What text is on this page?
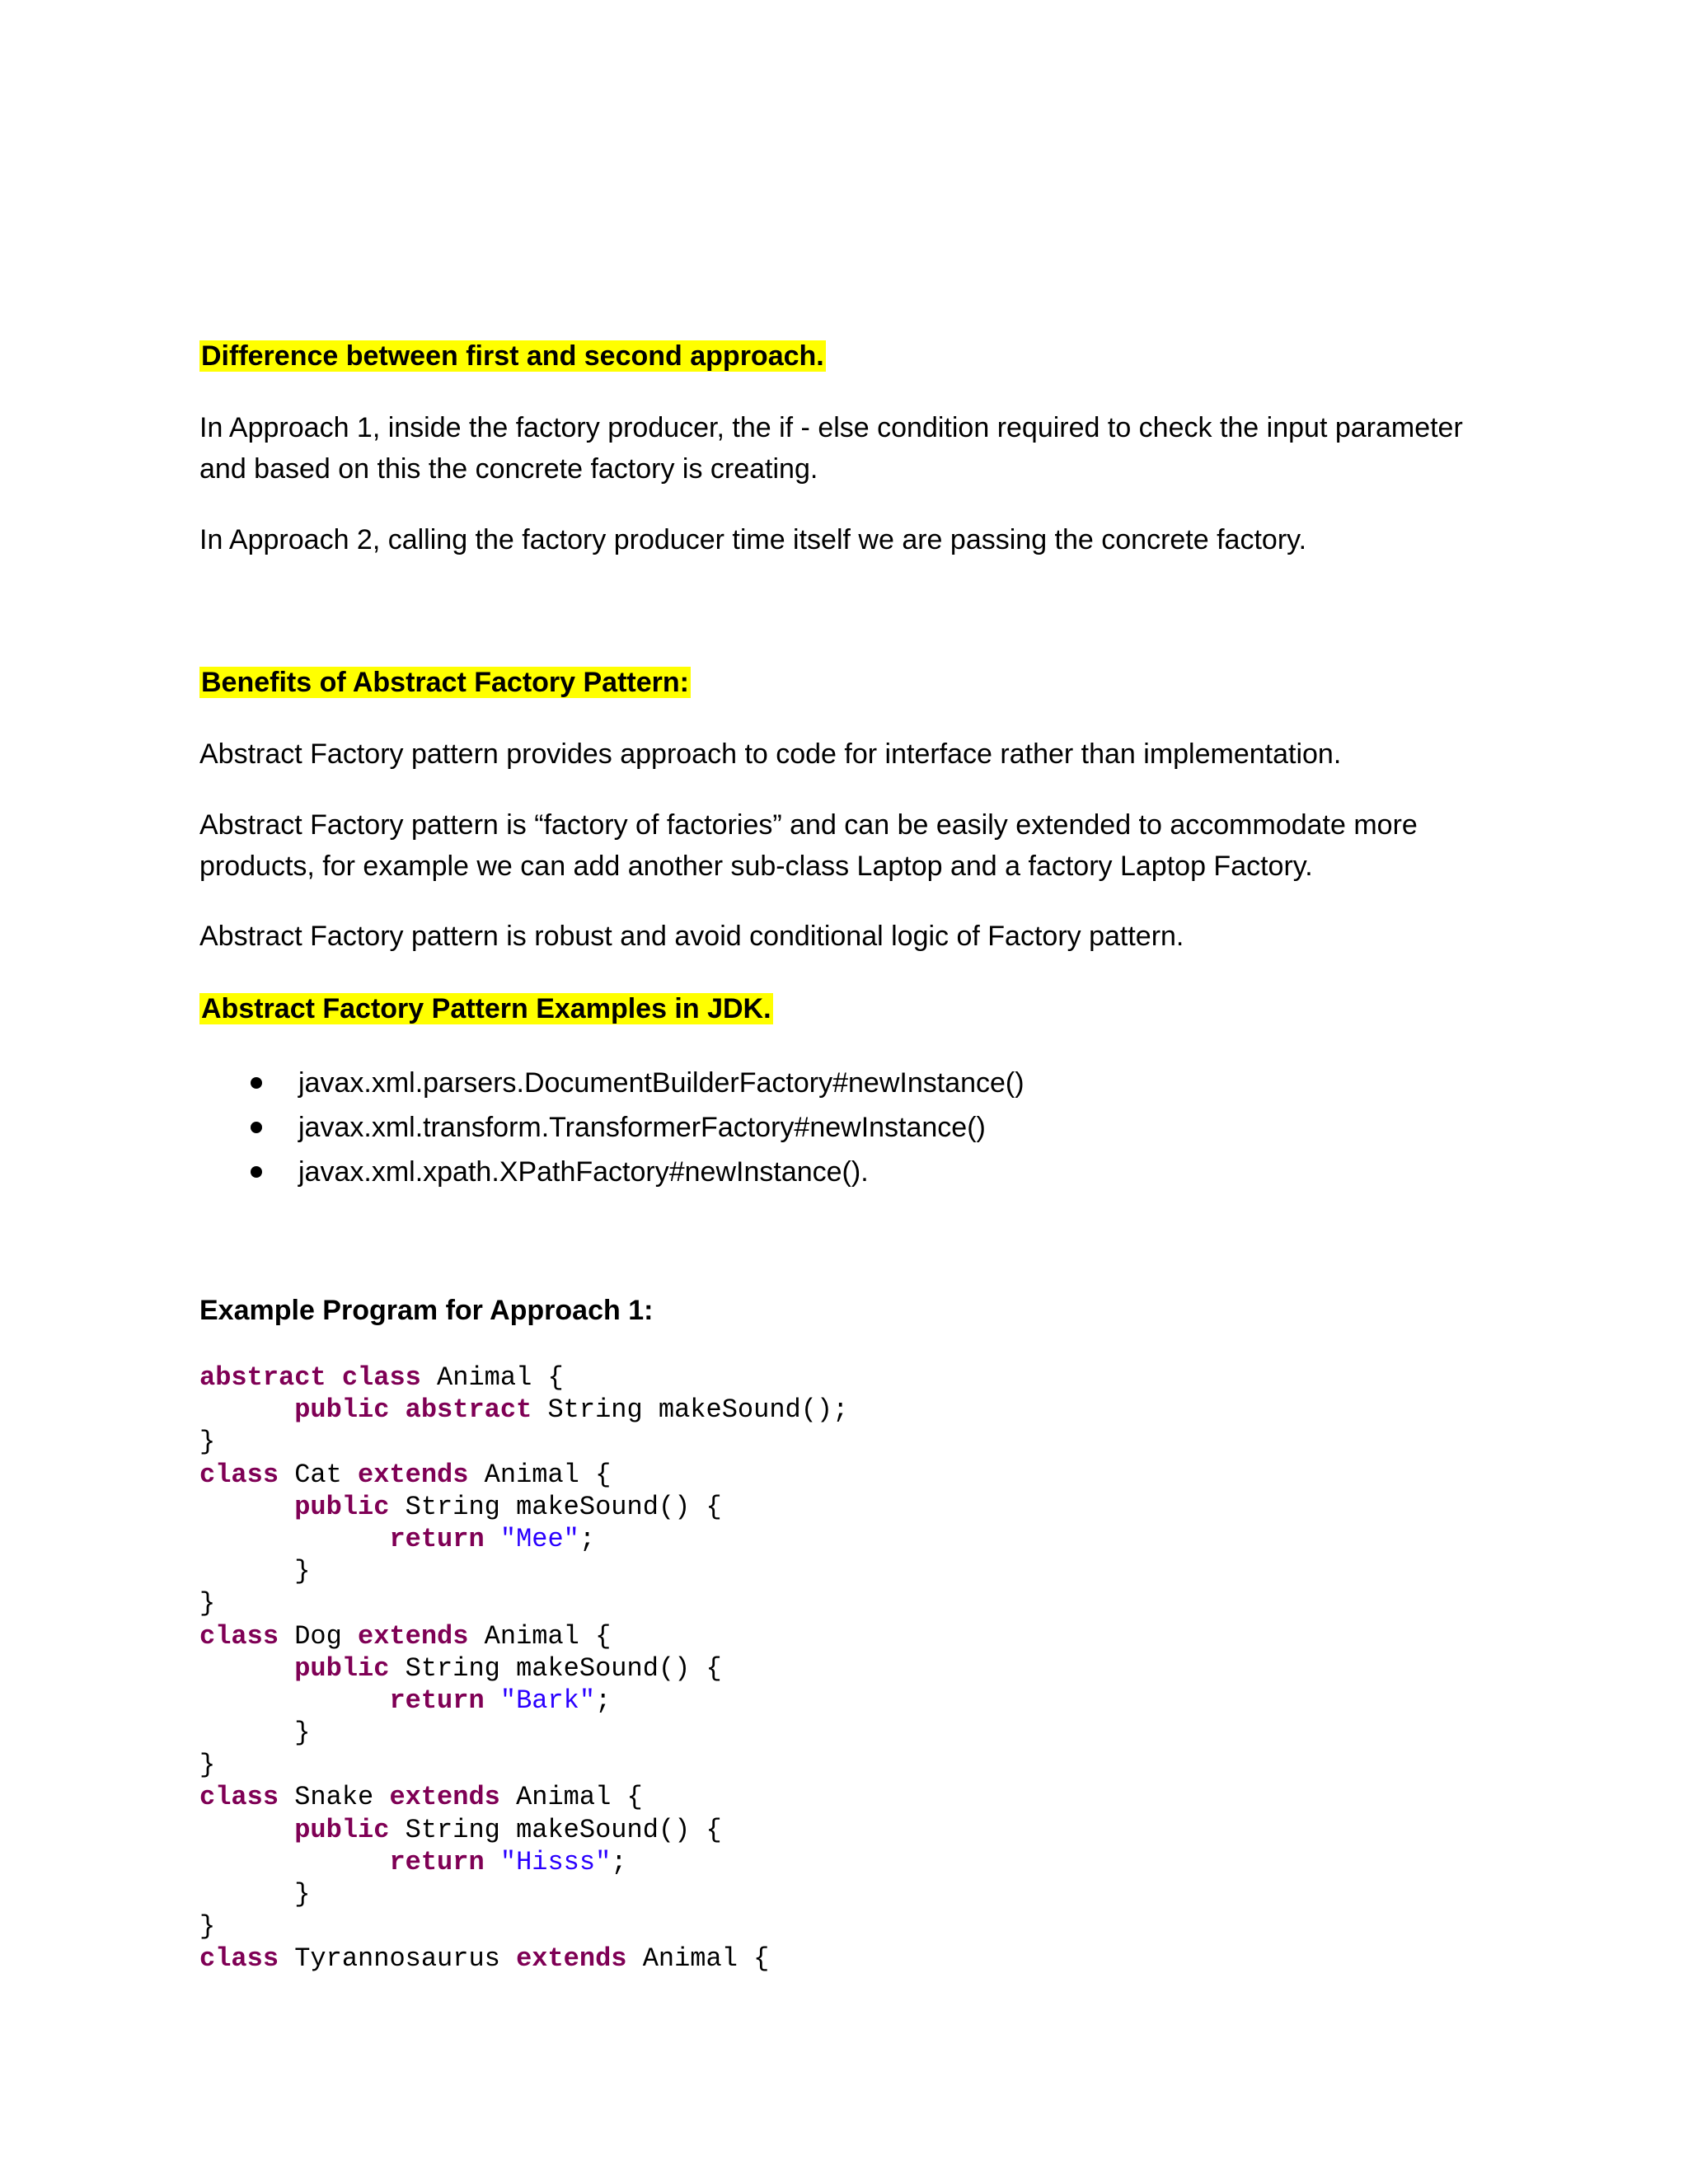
Difference between first and second approach.
In Approach 1, inside the factory producer, the if - else condition required to check the input parameter
and based on this the concrete factory is creating.
In Approach 2, calling the factory producer time itself we are passing the concrete factory.
Benefits of Abstract Factory Pattern:
Abstract Factory pattern provides approach to code for interface rather than implementation.
Abstract Factory pattern is “factory of factories” and can be easily extended to accommodate more
products, for example we can add another sub-class Laptop and a factory Laptop Factory.
Abstract Factory pattern is robust and avoid conditional logic of Factory pattern.
Abstract Factory Pattern Examples in JDK.
javax.xml.parsers.DocumentBuilderFactory#newInstance()
javax.xml.transform.TransformerFactory#newInstance()
javax.xml.xpath.XPathFactory#newInstance().
Example Program for Approach 1:
abstract class Animal {
public abstract String makeSound();
}
class Cat extends Animal {
public String makeSound() {
return "Mee";
}
}
class Dog extends Animal {
public String makeSound() {
return "Bark";
}
}
class Snake extends Animal {
public String makeSound() {
return "Hisss";
}
}
class Tyrannosaurus extends Animal {
